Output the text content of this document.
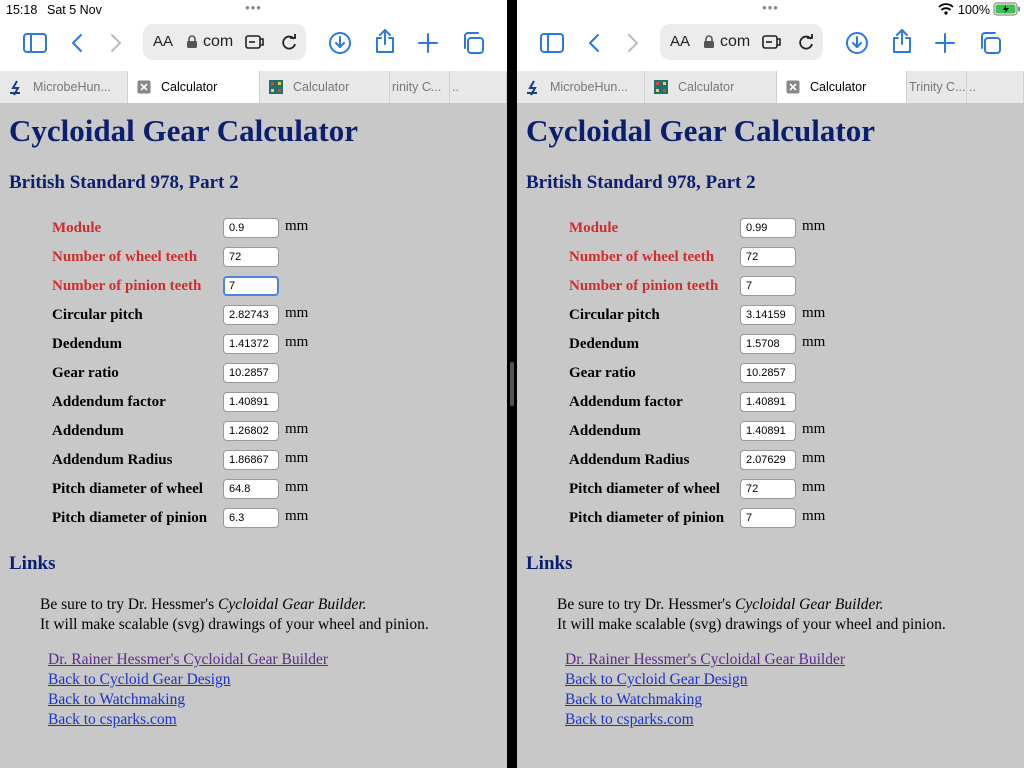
15:18 Sat 5 Nov	•••
AA com
MicrobeHun...	Calculator	Calculator	rinity C... ..
Cycloidal Gear Calculator
British Standard 978, Part 2
Module	0.9	mm
Number of wheel teeth	72
Number of pinion teeth	7
Circular pitch	2.82743	mm
Dedendum	1.41372	mm
Gear ratio	10.2857
Addendum factor	1.40891
Addendum	1.26802	mm
Addendum Radius	1.86867	mm
Pitch diameter of wheel	64.8	mm
Pitch diameter of pinion	6.3	mm
Links
Be sure to try Dr. Hessmer's Cycloidal Gear Builder.
It will make scalable (svg) drawings of your wheel and pinion.
Dr. Rainer Hessmer's Cycloidal Gear Builder
Back to Cycloid Gear Design
Back to Watchmaking
Back to csparks.com
100%
•••
AA com
MicrobeHun...	Calculator	Calculator	Trinity C... ..
Cycloidal Gear Calculator
British Standard 978, Part 2
Module	0.99	mm
Number of wheel teeth	72
Number of pinion teeth	7
Circular pitch	3.14159	mm
Dedendum	1.5708	mm
Gear ratio	10.2857
Addendum factor	1.40891
Addendum	1.40891	mm
Addendum Radius	2.07629	mm
Pitch diameter of wheel	72	mm
Pitch diameter of pinion	7	mm
Links
Be sure to try Dr. Hessmer's Cycloidal Gear Builder.
It will make scalable (svg) drawings of your wheel and pinion.
Dr. Rainer Hessmer's Cycloidal Gear Builder
Back to Cycloid Gear Design
Back to Watchmaking
Back to csparks.com
